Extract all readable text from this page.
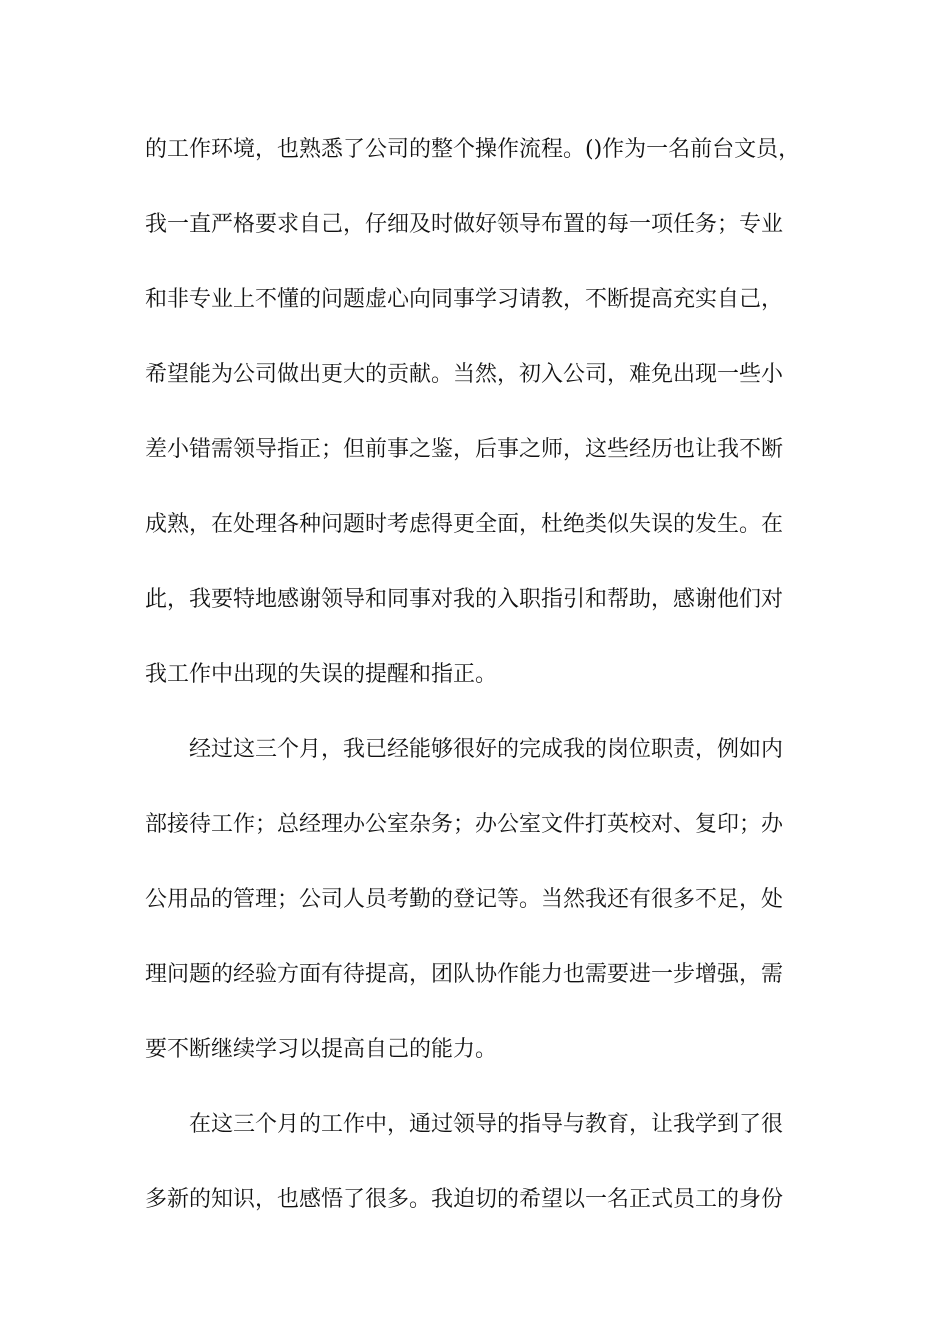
的工作环境，也熟悉了公司的整个操作流程。()作为一名前台文员，
我一直严格要求自己，仔细及时做好领导布置的每一项任务；专业
和非专业上不懂的问题虚心向同事学习请教，不断提高充实自己，
希望能为公司做出更大的贡献。当然，初入公司，难免出现一些小
差小错需领导指正；但前事之鉴，后事之师，这些经历也让我不断
成熟，在处理各种问题时考虑得更全面，杜绝类似失误的发生。在
此，我要特地感谢领导和同事对我的入职指引和帮助，感谢他们对
我工作中出现的失误的提醒和指正。
经过这三个月，我已经能够很好的完成我的岗位职责，例如内
部接待工作；总经理办公室杂务；办公室文件打英校对、复印；办
公用品的管理；公司人员考勤的登记等。当然我还有很多不足，处
理问题的经验方面有待提高，团队协作能力也需要进一步增强，需
要不断继续学习以提高自己的能力。
在这三个月的工作中，通过领导的指导与教育，让我学到了很
多新的知识，也感悟了很多。我迫切的希望以一名正式员工的身份
